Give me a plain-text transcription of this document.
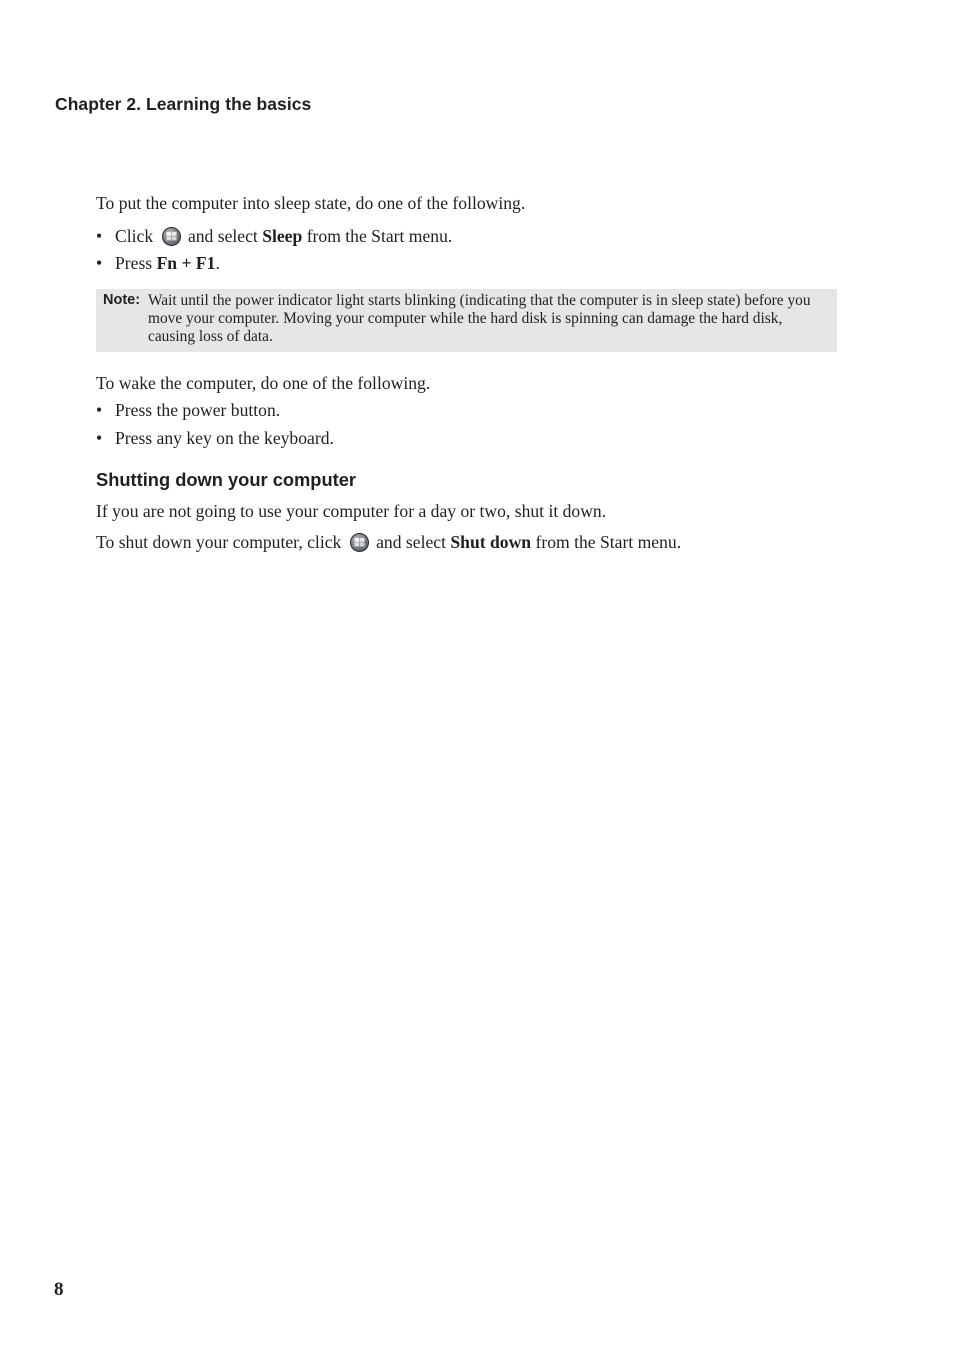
Chapter 2. Learning the basics
To put the computer into sleep state, do one of the following.
• Click and select Sleep from the Start menu.
• Press Fn + F1.
Note: Wait until the power indicator light starts blinking (indicating that the computer is in sleep state) before you move your computer. Moving your computer while the hard disk is spinning can damage the hard disk, causing loss of data.
To wake the computer, do one of the following.
• Press the power button.
• Press any key on the keyboard.
Shutting down your computer
If you are not going to use your computer for a day or two, shut it down.
To shut down your computer, click and select Shut down from the Start menu.
8
